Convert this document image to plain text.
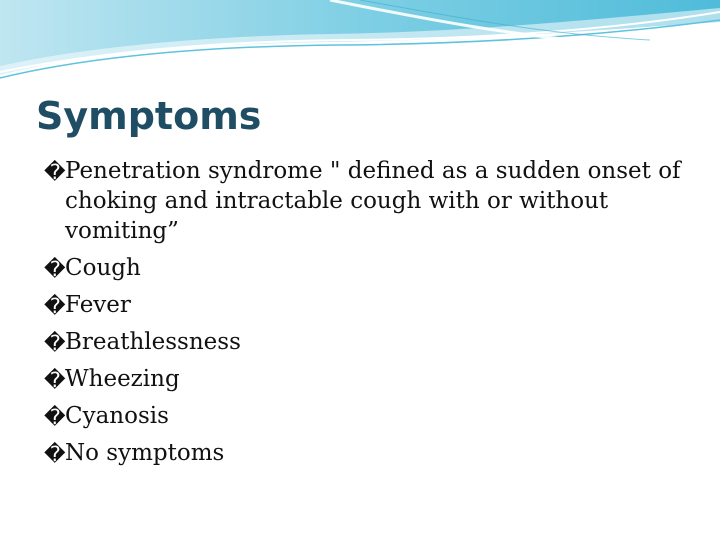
Symptoms
� Penetration syndrome " defined as a sudden onset of choking and intractable cough with or without vomiting”
� Cough
� Fever
� Breathlessness
� Wheezing
� Cyanosis
� No symptoms
